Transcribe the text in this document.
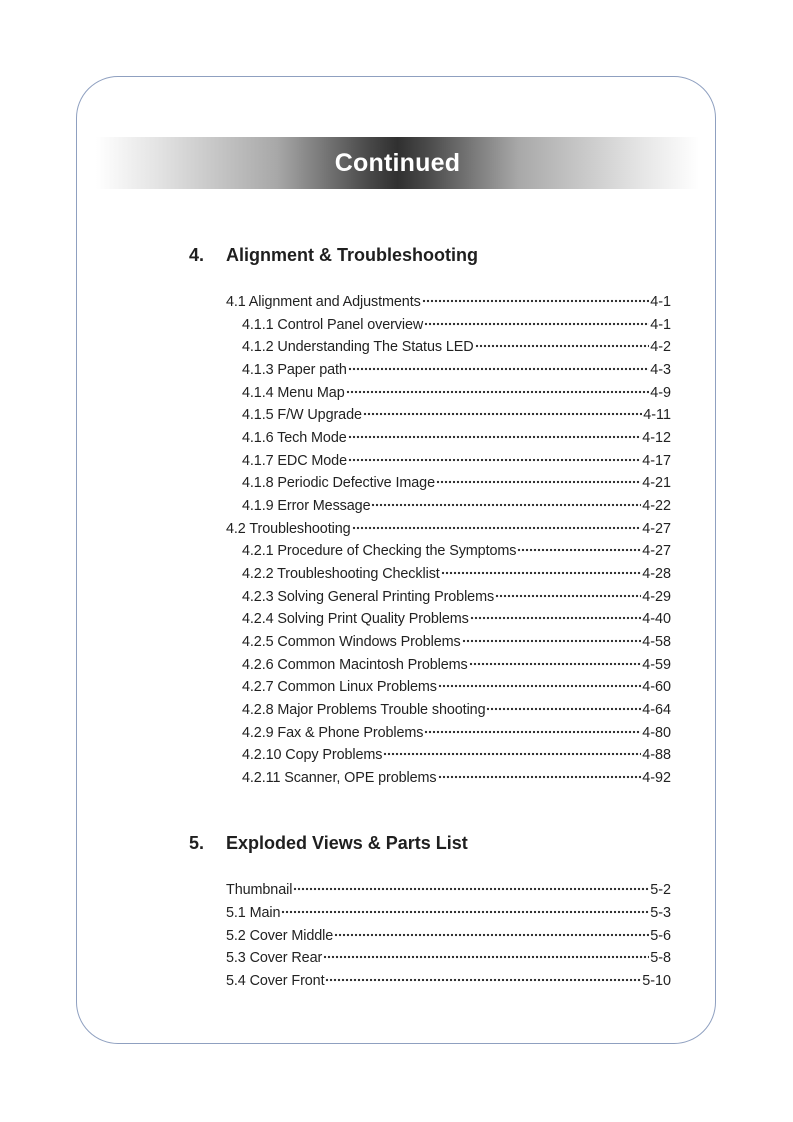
Continued
4. Alignment & Troubleshooting
5. Exploded Views & Parts List
4.1 Alignment and Adjustments	4-1
4.1.1 Control Panel overview	4-1
4.1.2 Understanding The Status LED	4-2
4.1.3 Paper path	4-3
4.1.4 Menu Map	4-9
4.1.5 F/W Upgrade	4-11
4.1.6 Tech Mode	4-12
4.1.7 EDC Mode	4-17
4.1.8 Periodic Defective Image	4-21
4.1.9 Error Message	4-22
4.2 Troubleshooting	4-27
4.2.1 Procedure of Checking the Symptoms	4-27
4.2.2 Troubleshooting Checklist	4-28
4.2.3 Solving General Printing Problems	4-29
4.2.4 Solving Print Quality Problems	4-40
4.2.5 Common Windows Problems	4-58
4.2.6 Common Macintosh Problems	4-59
4.2.7 Common Linux Problems	4-60
4.2.8 Major Problems Trouble shooting	4-64
4.2.9 Fax & Phone Problems	4-80
4.2.10 Copy Problems	4-88
4.2.11 Scanner, OPE problems	4-92
Thumbnail	5-2
5.1 Main	5-3
5.2 Cover Middle	5-6
5.3 Cover Rear	5-8
5.4 Cover Front	5-10
